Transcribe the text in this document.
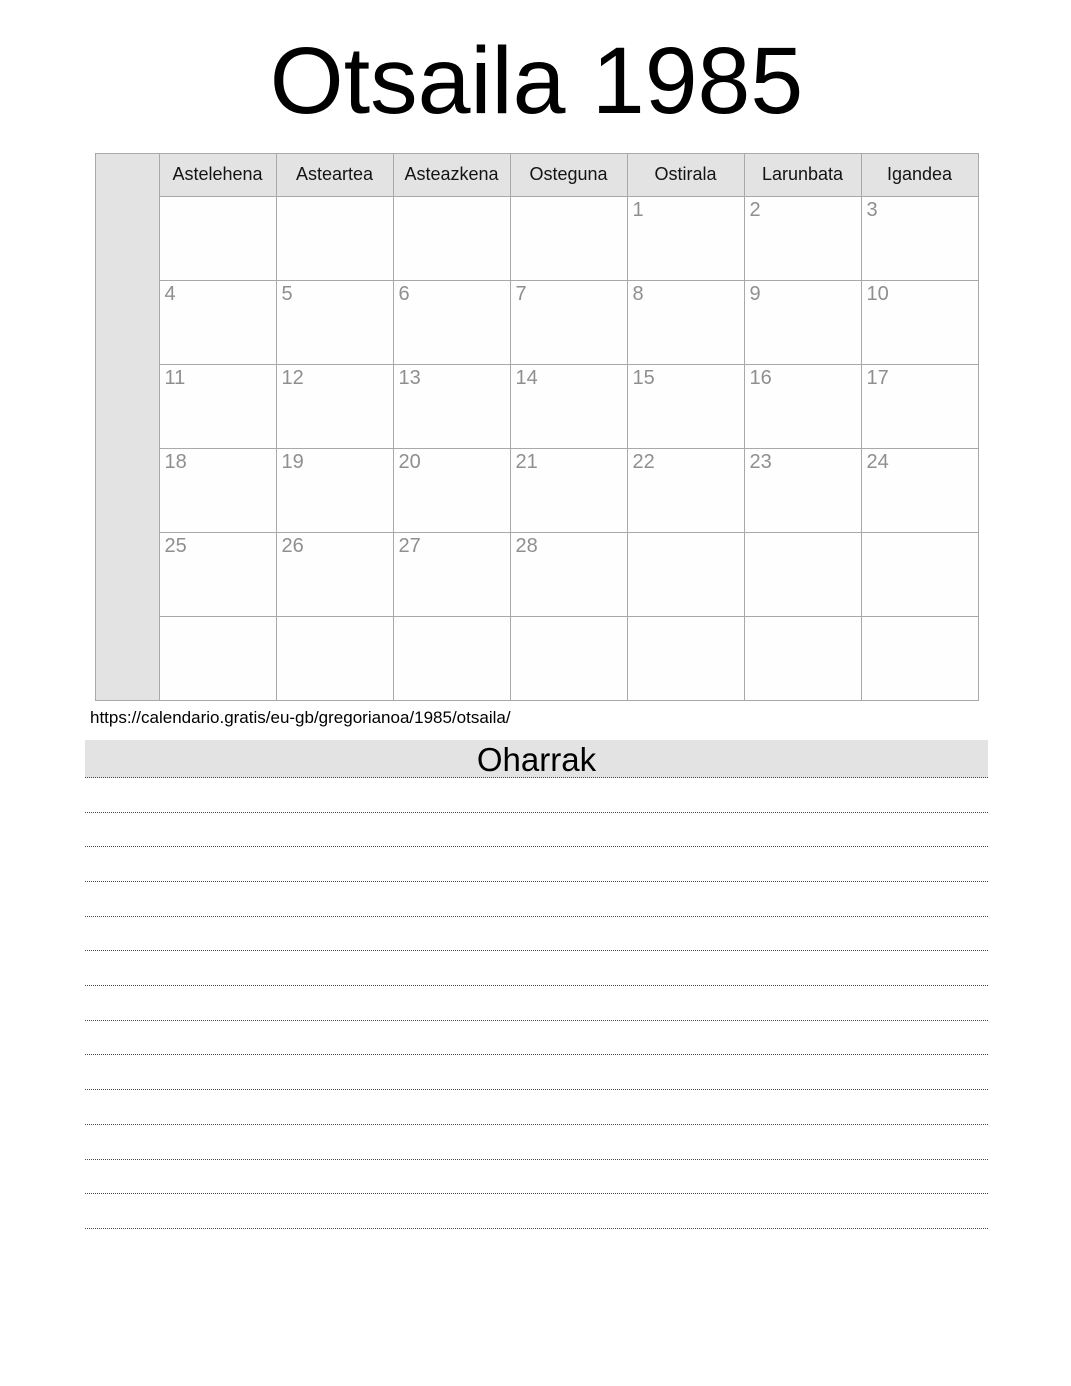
Otsaila 1985
	Astelehena	Asteartea	Asteazkena	Osteguna	Ostirala	Larunbata	Igandea
					1	2	3
	4	5	6	7	8	9	10
	11	12	13	14	15	16	17
	18	19	20	21	22	23	24
	25	26	27	28			

https://calendario.gratis/eu-gb/gregorianoa/1985/otsaila/
Oharrak
